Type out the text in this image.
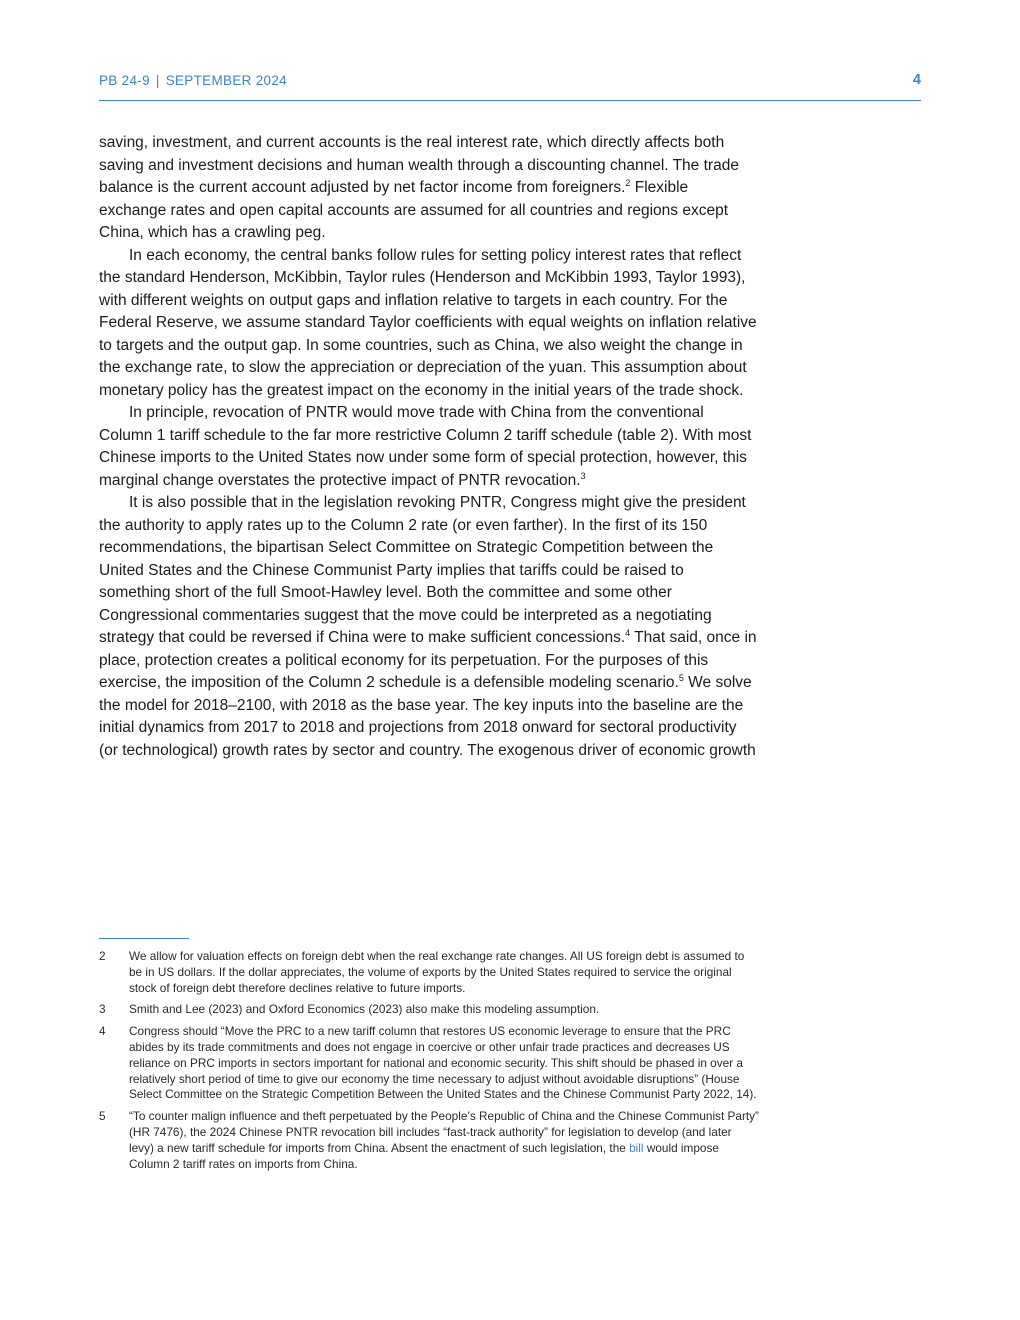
PB 24-9 | SEPTEMBER 2024	4

saving, investment, and current accounts is the real interest rate, which directly affects both saving and investment decisions and human wealth through a discounting channel. The trade balance is the current account adjusted by net factor income from foreigners.$^2$ Flexible exchange rates and open capital accounts are assumed for all countries and regions except China, which has a crawling peg.

In each economy, the central banks follow rules for setting policy interest rates that reflect the standard Henderson, McKibbin, Taylor rules (Henderson and McKibbin 1993, Taylor 1993), with different weights on output gaps and inflation relative to targets in each country. For the Federal Reserve, we assume standard Taylor coefficients with equal weights on inflation relative to targets and the output gap. In some countries, such as China, we also weight the change in the exchange rate, to slow the appreciation or depreciation of the yuan. This assumption about monetary policy has the greatest impact on the economy in the initial years of the trade shock.

In principle, revocation of PNTR would move trade with China from the conventional Column 1 tariff schedule to the far more restrictive Column 2 tariff schedule (table 2). With most Chinese imports to the United States now under some form of special protection, however, this marginal change overstates the protective impact of PNTR revocation.$^3$

It is also possible that in the legislation revoking PNTR, Congress might give the president the authority to apply rates up to the Column 2 rate (or even farther). In the first of its 150 recommendations, the bipartisan Select Committee on Strategic Competition between the United States and the Chinese Communist Party implies that tariffs could be raised to something short of the full Smoot-Hawley level. Both the committee and some other Congressional commentaries suggest that the move could be interpreted as a negotiating strategy that could be reversed if China were to make sufficient concessions.$^4$ That said, once in place, protection creates a political economy for its perpetuation. For the purposes of this exercise, the imposition of the Column 2 schedule is a defensible modeling scenario.$^5$ We solve the model for 2018–2100, with 2018 as the base year. The key inputs into the baseline are the initial dynamics from 2017 to 2018 and projections from 2018 onward for sectoral productivity (or technological) growth rates by sector and country. The exogenous driver of economic growth

2	We allow for valuation effects on foreign debt when the real exchange rate changes. All US foreign debt is assumed to be in US dollars. If the dollar appreciates, the volume of exports by the United States required to service the original stock of foreign debt therefore declines relative to future imports.
3	Smith and Lee (2023) and Oxford Economics (2023) also make this modeling assumption.
4	Congress should “Move the PRC to a new tariff column that restores US economic leverage to ensure that the PRC abides by its trade commitments and does not engage in coercive or other unfair trade practices and decreases US reliance on PRC imports in sectors important for national and economic security. This shift should be phased in over a relatively short period of time to give our economy the time necessary to adjust without avoidable disruptions” (House Select Committee on the Strategic Competition Between the United States and the Chinese Communist Party 2022, 14).
5	“To counter malign influence and theft perpetuated by the People’s Republic of China and the Chinese Communist Party” (HR 7476), the 2024 Chinese PNTR revocation bill includes “fast-track authority” for legislation to develop (and later levy) a new tariff schedule for imports from China. Absent the enactment of such legislation, the bill would impose Column 2 tariff rates on imports from China.
